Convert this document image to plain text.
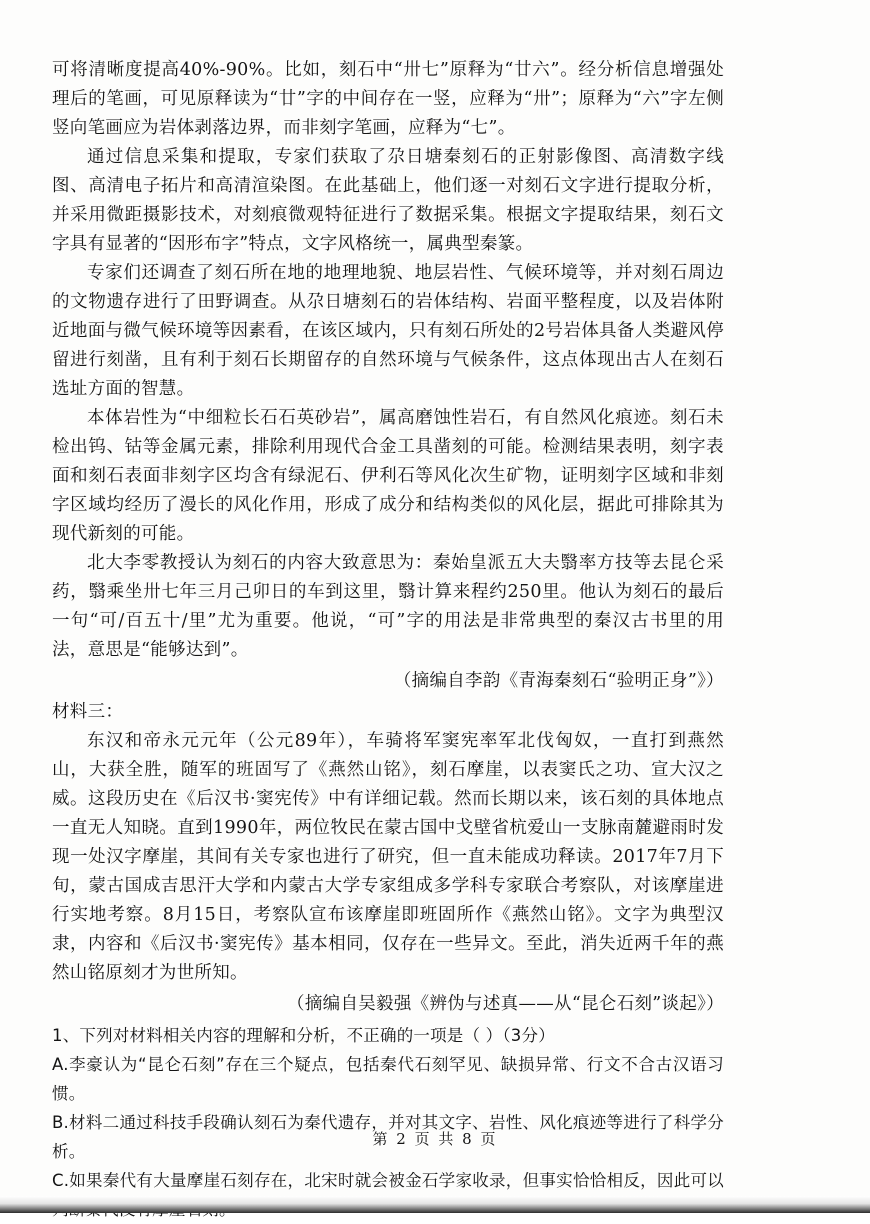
可将清晰度提高40%-90%。比如，刻石中“卅七”原释为“廿六”。经分析信息增强处理后的笔画，可见原释读为“廿”字的中间存在一竖，应释为“卅”；原释为“六”字左侧竖向笔画应为岩体剥落边界，而非刻字笔画，应释为“七”。

通过信息采集和提取，专家们获取了尕日塘秦刻石的正射影像图、高清数字线图、高清电子拓片和高清渲染图。在此基础上，他们逐一对刻石文字进行提取分析，并采用微距摄影技术，对刻痕微观特征进行了数据采集。根据文字提取结果，刻石文字具有显著的“因形布字”特点，文字风格统一，属典型秦篆。

专家们还调查了刻石所在地的地理地貌、地层岩性、气候环境等，并对刻石周边的文物遗存进行了田野调查。从尕日塘刻石的岩体结构、岩面平整程度，以及岩体附近地面与微气候环境等因素看，在该区域内，只有刻石所处的2号岩体具备人类避风停留进行刻凿，且有利于刻石长期留存的自然环境与气候条件，这点体现出古人在刻石选址方面的智慧。

本体岩性为“中细粒长石石英砂岩”，属高磨蚀性岩石，有自然风化痕迹。刻石未检出钨、钴等金属元素，排除利用现代合金工具凿刻的可能。检测结果表明，刻字表面和刻石表面非刻字区均含有绿泥石、伊利石等风化次生矿物，证明刻字区域和非刻字区域均经历了漫长的风化作用，形成了成分和结构类似的风化层，据此可排除其为现代新刻的可能。

北大李零教授认为刻石的内容大致意思为：秦始皇派五大夫翳率方技等去昆仑采药，翳乘坐卅七年三月己卯日的车到这里，翳计算来程约250里。他认为刻石的最后一句“可/百五十/里”尤为重要。他说，“可”字的用法是非常典型的秦汉古书里的用法，意思是“能够达到”。

（摘编自李韵《青海秦刻石“验明正身”》）

材料三：

东汉和帝永元元年（公元89年），车骑将军窦宪率军北伐匈奴，一直打到燕然山，大获全胜，随军的班固写了《燕然山铭》，刻石摩崖，以表窦氏之功、宣大汉之威。这段历史在《后汉书·窦宪传》中有详细记载。然而长期以来，该石刻的具体地点一直无人知晓。直到1990年，两位牧民在蒙古国中戈壁省杭爱山一支脉南麓避雨时发现一处汉字摩崖，其间有关专家也进行了研究，但一直未能成功释读。2017年7月下旬，蒙古国成吉思汗大学和内蒙古大学专家组成多学科专家联合考察队，对该摩崖进行实地考察。8月15日，考察队宣布该摩崖即班固所作《燕然山铭》。文字为典型汉隶，内容和《后汉书·窦宪传》基本相同，仅存在一些异文。至此，消失近两千年的燕然山铭原刻才为世所知。

（摘编自吴毅强《辨伪与述真——从“昆仑石刻”谈起》）

1、下列对材料相关内容的理解和分析，不正确的一项是（ ）（3分）

A.李豪认为“昆仑石刻”存在三个疑点，包括秦代石刻罕见、缺损异常、行文不合古汉语习惯。

B.材料二通过科技手段确认刻石为秦代遗存，并对其文字、岩性、风化痕迹等进行了科学分析。

C.如果秦代有大量摩崖石刻存在，北宋时就会被金石学家收录，但事实恰恰相反，因此可以

第 2 页 共 8 页
